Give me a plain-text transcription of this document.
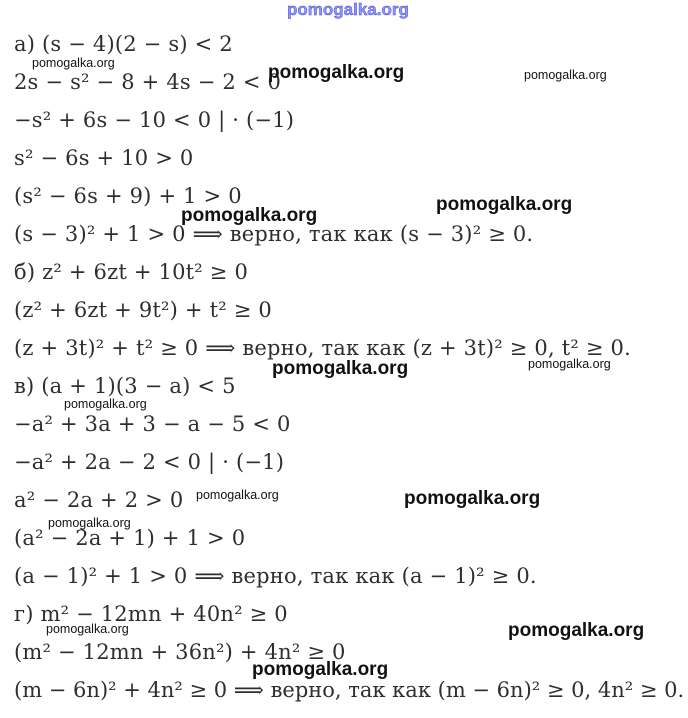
pomogalka.org
а) (s − 4)(2 − s) < 2
2s − s² − 8 + 4s − 2 < 0
−s² + 6s − 10 < 0 | · (−1)
s² − 6s + 10 > 0
(s² − 6s + 9) + 1 > 0
(s − 3)² + 1 > 0 ⟹ верно, так как (s − 3)² ≥ 0.
б) z² + 6zt + 10t² ≥ 0
(z² + 6zt + 9t²) + t² ≥ 0
(z + 3t)² + t² ≥ 0 ⟹ верно, так как (z + 3t)² ≥ 0, t² ≥ 0.
в) (a + 1)(3 − a) < 5
−a² + 3a + 3 − a − 5 < 0
−a² + 2a − 2 < 0 | · (−1)
a² − 2a + 2 > 0
(a² − 2a + 1) + 1 > 0
(a − 1)² + 1 > 0 ⟹ верно, так как (a − 1)² ≥ 0.
г) m² − 12mn + 40n² ≥ 0
(m² − 12mn + 36n²) + 4n² ≥ 0
(m − 6n)² + 4n² ≥ 0 ⟹ верно, так как (m − 6n)² ≥ 0, 4n² ≥ 0.
pomogalka.org	pomogalka.org	pomogalka.org
pomogalka.org
pomogalka.org
pomogalka.org
pomogalka.org
pomogalka.org
pomogalka.org	pomogalka.org
pomogalka.org
pomogalka.org	pomogalka.org
pomogalka.org
